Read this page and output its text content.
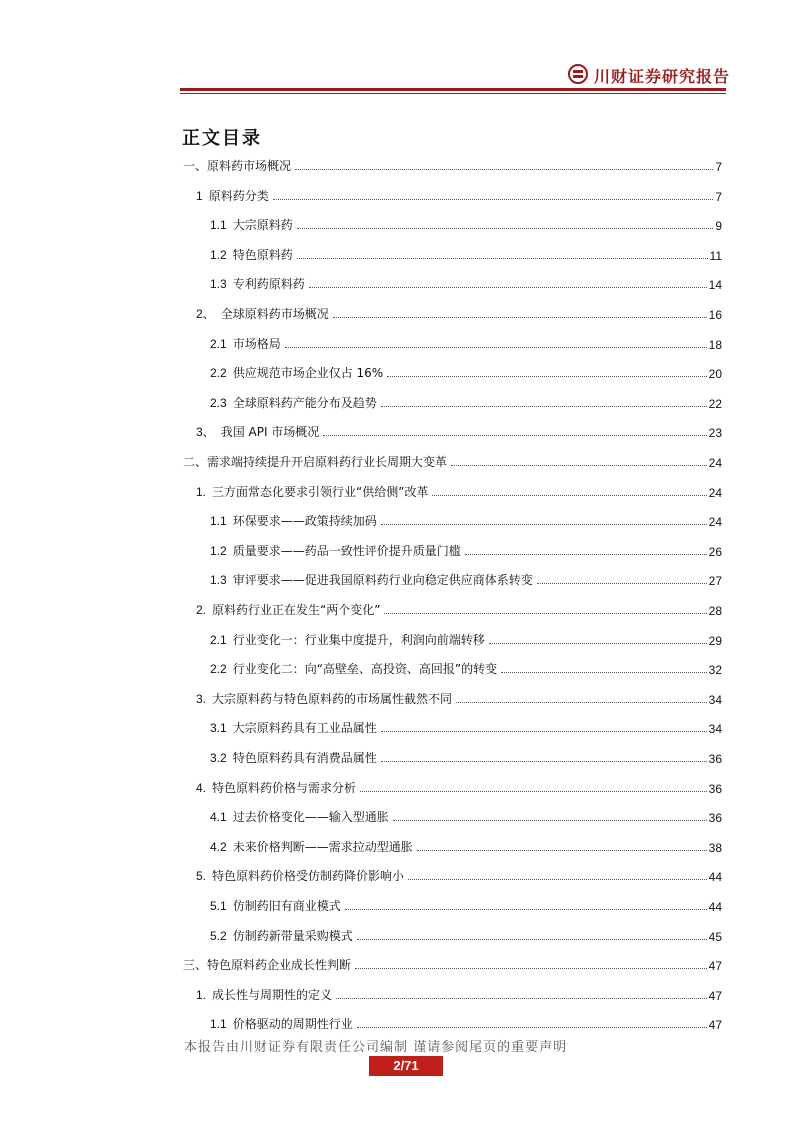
川财证券研究报告
正文目录
一、原料药市场概况	7
1 原料药分类	7
1.1 大宗原料药	9
1.2 特色原料药	11
1.3 专利药原料药	14
2、 全球原料药市场概况	16
2.1 市场格局	18
2.2 供应规范市场企业仅占 16%	20
2.3 全球原料药产能分布及趋势	22
3、 我国 API 市场概况	23
二、需求端持续提升开启原料药行业长周期大变革	24
1. 三方面常态化要求引领行业“供给侧”改革	24
1.1 环保要求——政策持续加码	24
1.2 质量要求——药品一致性评价提升质量门槛	26
1.3 审评要求——促进我国原料药行业向稳定供应商体系转变	27
2. 原料药行业正在发生“两个变化”	28
2.1 行业变化一：行业集中度提升，利润向前端转移	29
2.2 行业变化二：向“高壁垒、高投资、高回报”的转变	32
3. 大宗原料药与特色原料药的市场属性截然不同	34
3.1 大宗原料药具有工业品属性	34
3.2 特色原料药具有消费品属性	36
4. 特色原料药价格与需求分析	36
4.1 过去价格变化——输入型通胀	36
4.2 未来价格判断——需求拉动型通胀	38
5. 特色原料药价格受仿制药降价影响小	44
5.1 仿制药旧有商业模式	44
5.2 仿制药新带量采购模式	45
三、特色原料药企业成长性判断	47
1. 成长性与周期性的定义	47
1.1 价格驱动的周期性行业	47
本报告由川财证券有限责任公司编制 谨请参阅尾页的重要声明
2/71
